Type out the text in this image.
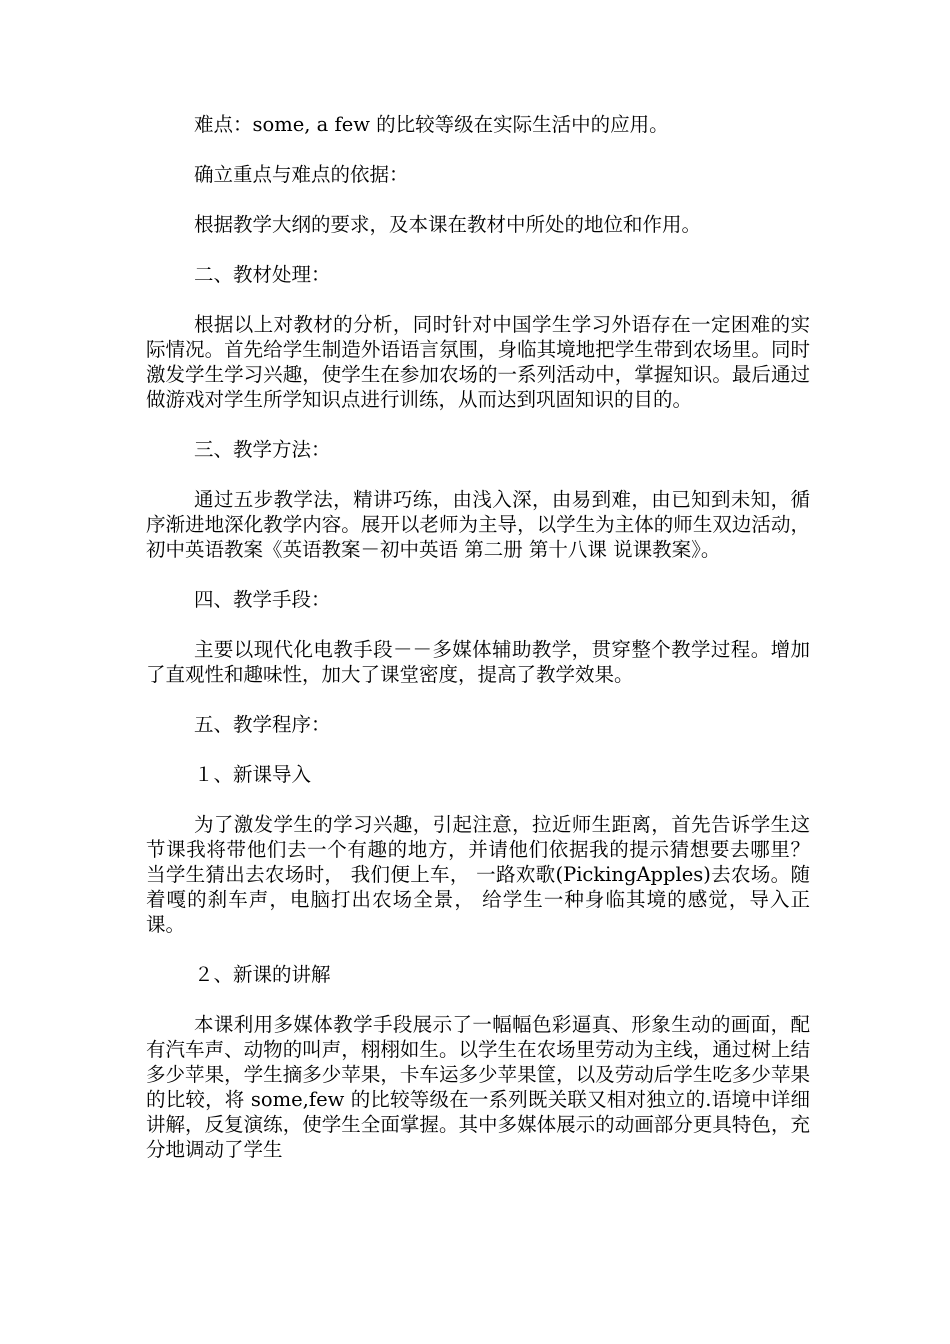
难点：some, a few 的比较等级在实际生活中的应用。

确立重点与难点的依据：

根据教学大纲的要求，及本课在教材中所处的地位和作用。

二、教材处理：

根据以上对教材的分析，同时针对中国学生学习外语存在一定困难的实际情况。首先给学生制造外语语言氛围，身临其境地把学生带到农场里。同时激发学生学习兴趣，使学生在参加农场的一系列活动中，掌握知识。最后通过做游戏对学生所学知识点进行训练，从而达到巩固知识的目的。

三、教学方法：

通过五步教学法，精讲巧练，由浅入深，由易到难，由已知到未知，循序渐进地深化教学内容。展开以老师为主导，以学生为主体的师生双边活动，初中英语教案《英语教案－初中英语 第二册 第十八课 说课教案》。

四、教学手段：

主要以现代化电教手段－－多媒体辅助教学，贯穿整个教学过程。增加了直观性和趣味性，加大了课堂密度，提高了教学效果。

五、教学程序：

１、新课导入

为了激发学生的学习兴趣，引起注意，拉近师生距离，首先告诉学生这节课我将带他们去一个有趣的地方，并请他们依据我的提示猜想要去哪里？ 当学生猜出去农场时， 我们便上车， 一路欢歌(PickingApples)去农场。随着嘎的刹车声，电脑打出农场全景， 给学生一种身临其境的感觉，导入正课。

２、新课的讲解

本课利用多媒体教学手段展示了一幅幅色彩逼真、形象生动的画面，配有汽车声、动物的叫声，栩栩如生。以学生在农场里劳动为主线，通过树上结多少苹果，学生摘多少苹果，卡车运多少苹果筐，以及劳动后学生吃多少苹果的比较，将 some,few 的比较等级在一系列既关联又相对独立的.语境中详细讲解，反复演练，使学生全面掌握。其中多媒体展示的动画部分更具特色，充分地调动了学生
